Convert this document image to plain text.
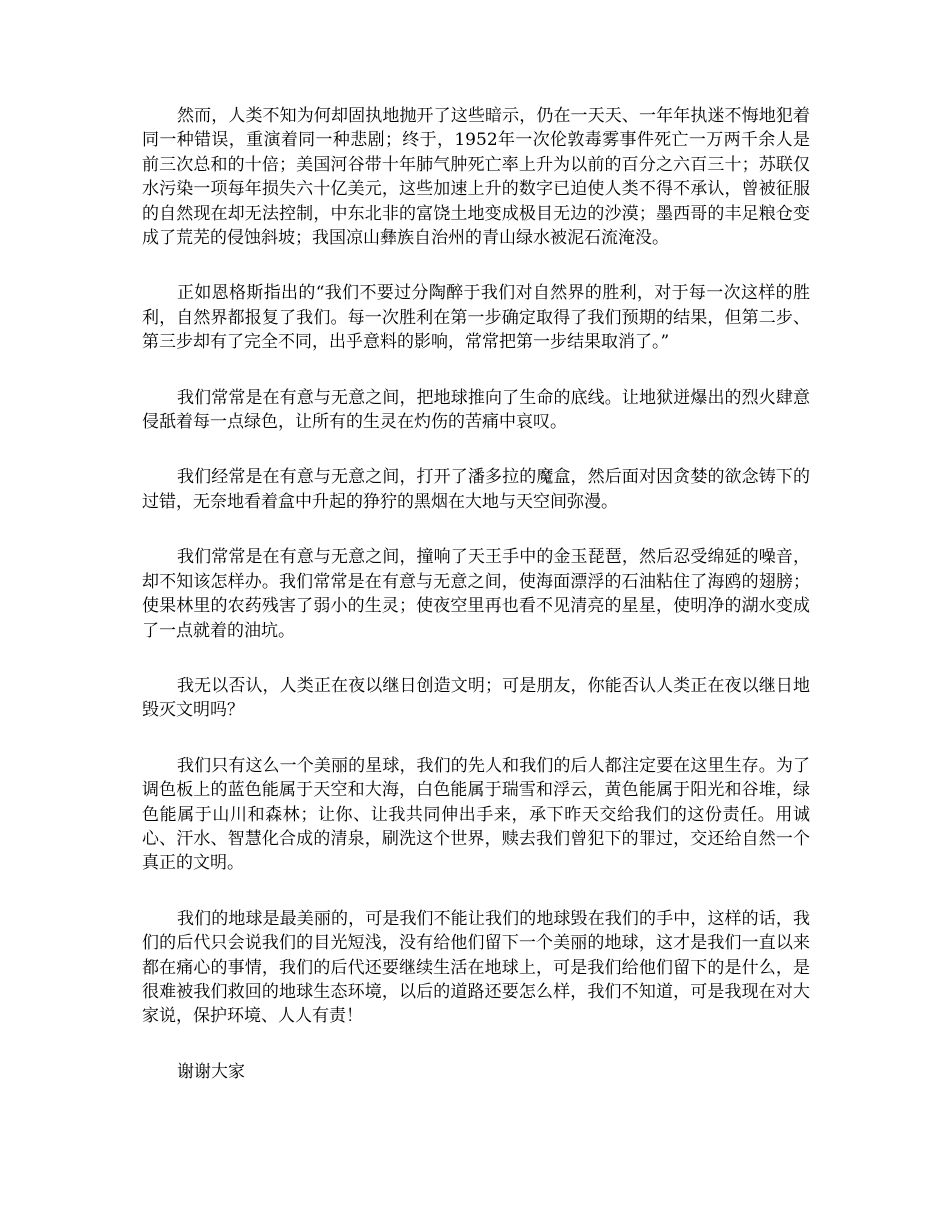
然而，人类不知为何却固执地抛开了这些暗示，仍在一天天、一年年执迷不悔地犯着同一种错误，重演着同一种悲剧；终于，1952年一次伦敦毒雾事件死亡一万两千余人是前三次总和的十倍；美国河谷带十年肺气肿死亡率上升为以前的百分之六百三十；苏联仅水污染一项每年损失六十亿美元，这些加速上升的数字已迫使人类不得不承认，曾被征服的自然现在却无法控制，中东北非的富饶土地变成极目无边的沙漠；墨西哥的丰足粮仓变成了荒芜的侵蚀斜坡；我国凉山彝族自治州的青山绿水被泥石流淹没。

正如恩格斯指出的“我们不要过分陶醉于我们对自然界的胜利，对于每一次这样的胜利，自然界都报复了我们。每一次胜利在第一步确定取得了我们预期的结果，但第二步、第三步却有了完全不同，出乎意料的影响，常常把第一步结果取消了。”

我们常常是在有意与无意之间，把地球推向了生命的底线。让地狱迸爆出的烈火肆意侵舐着每一点绿色，让所有的生灵在灼伤的苦痛中哀叹。

我们经常是在有意与无意之间，打开了潘多拉的魔盒，然后面对因贪婪的欲念铸下的过错，无奈地看着盒中升起的狰狞的黑烟在大地与天空间弥漫。

我们常常是在有意与无意之间，撞响了天王手中的金玉琵琶，然后忍受绵延的噪音，却不知该怎样办。我们常常是在有意与无意之间，使海面漂浮的石油粘住了海鸥的翅膀；使果林里的农药残害了弱小的生灵；使夜空里再也看不见清亮的星星，使明净的湖水变成了一点就着的油坑。

我无以否认，人类正在夜以继日创造文明；可是朋友，你能否认人类正在夜以继日地毁灭文明吗？

我们只有这么一个美丽的星球，我们的先人和我们的后人都注定要在这里生存。为了调色板上的蓝色能属于天空和大海，白色能属于瑞雪和浮云，黄色能属于阳光和谷堆，绿色能属于山川和森林；让你、让我共同伸出手来，承下昨天交给我们的这份责任。用诚心、汗水、智慧化合成的清泉，刷洗这个世界，赎去我们曾犯下的罪过，交还给自然一个真正的文明。

我们的地球是最美丽的，可是我们不能让我们的地球毁在我们的手中，这样的话，我们的后代只会说我们的目光短浅，没有给他们留下一个美丽的地球，这才是我们一直以来都在痛心的事情，我们的后代还要继续生活在地球上，可是我们给他们留下的是什么，是很难被我们救回的地球生态环境，以后的道路还要怎么样，我们不知道，可是我现在对大家说，保护环境、人人有责！

谢谢大家
